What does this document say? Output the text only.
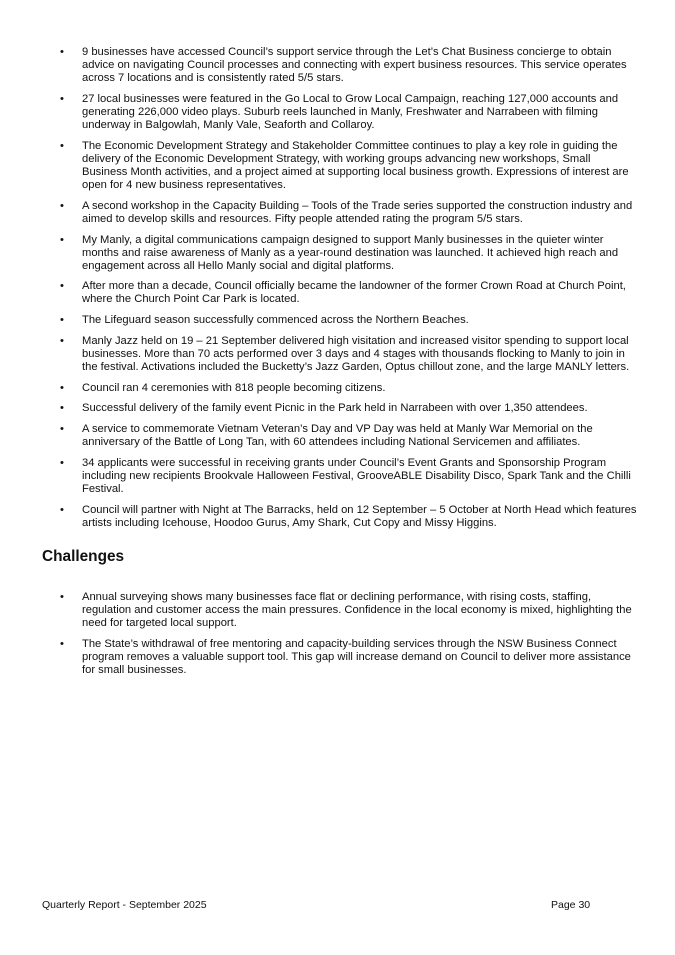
• 9 businesses have accessed Council’s support service through the Let’s Chat Business concierge to obtain advice on navigating Council processes and connecting with expert business resources. This service operates across 7 locations and is consistently rated 5/5 stars.
• 27 local businesses were featured in the Go Local to Grow Local Campaign, reaching 127,000 accounts and generating 226,000 video plays. Suburb reels launched in Manly, Freshwater and Narrabeen with filming underway in Balgowlah, Manly Vale, Seaforth and Collaroy.
• The Economic Development Strategy and Stakeholder Committee continues to play a key role in guiding the delivery of the Economic Development Strategy, with working groups advancing new workshops, Small Business Month activities, and a project aimed at supporting local business growth. Expressions of interest are open for 4 new business representatives.
• A second workshop in the Capacity Building – Tools of the Trade series supported the construction industry and aimed to develop skills and resources. Fifty people attended rating the program 5/5 stars.
• My Manly, a digital communications campaign designed to support Manly businesses in the quieter winter months and raise awareness of Manly as a year-round destination was launched. It achieved high reach and engagement across all Hello Manly social and digital platforms.
• After more than a decade, Council officially became the landowner of the former Crown Road at Church Point, where the Church Point Car Park is located.
• The Lifeguard season successfully commenced across the Northern Beaches.
• Manly Jazz held on 19 – 21 September delivered high visitation and increased visitor spending to support local businesses. More than 70 acts performed over 3 days and 4 stages with thousands flocking to Manly to join in the festival. Activations included the Bucketty’s Jazz Garden, Optus chillout zone, and the large MANLY letters.
• Council ran 4 ceremonies with 818 people becoming citizens.
• Successful delivery of the family event Picnic in the Park held in Narrabeen with over 1,350 attendees.
• A service to commemorate Vietnam Veteran’s Day and VP Day was held at Manly War Memorial on the anniversary of the Battle of Long Tan, with 60 attendees including National Servicemen and affiliates.
• 34 applicants were successful in receiving grants under Council’s Event Grants and Sponsorship Program including new recipients Brookvale Halloween Festival, GrooveABLE Disability Disco, Spark Tank and the Chilli Festival.
• Council will partner with Night at The Barracks, held on 12 September – 5 October at North Head which features artists including Icehouse, Hoodoo Gurus, Amy Shark, Cut Copy and Missy Higgins.
Challenges
• Annual surveying shows many businesses face flat or declining performance, with rising costs, staffing, regulation and customer access the main pressures. Confidence in the local economy is mixed, highlighting the need for targeted local support.
• The State’s withdrawal of free mentoring and capacity-building services through the NSW Business Connect program removes a valuable support tool. This gap will increase demand on Council to deliver more assistance for small businesses.
Quarterly Report - September 2025	Page 30
